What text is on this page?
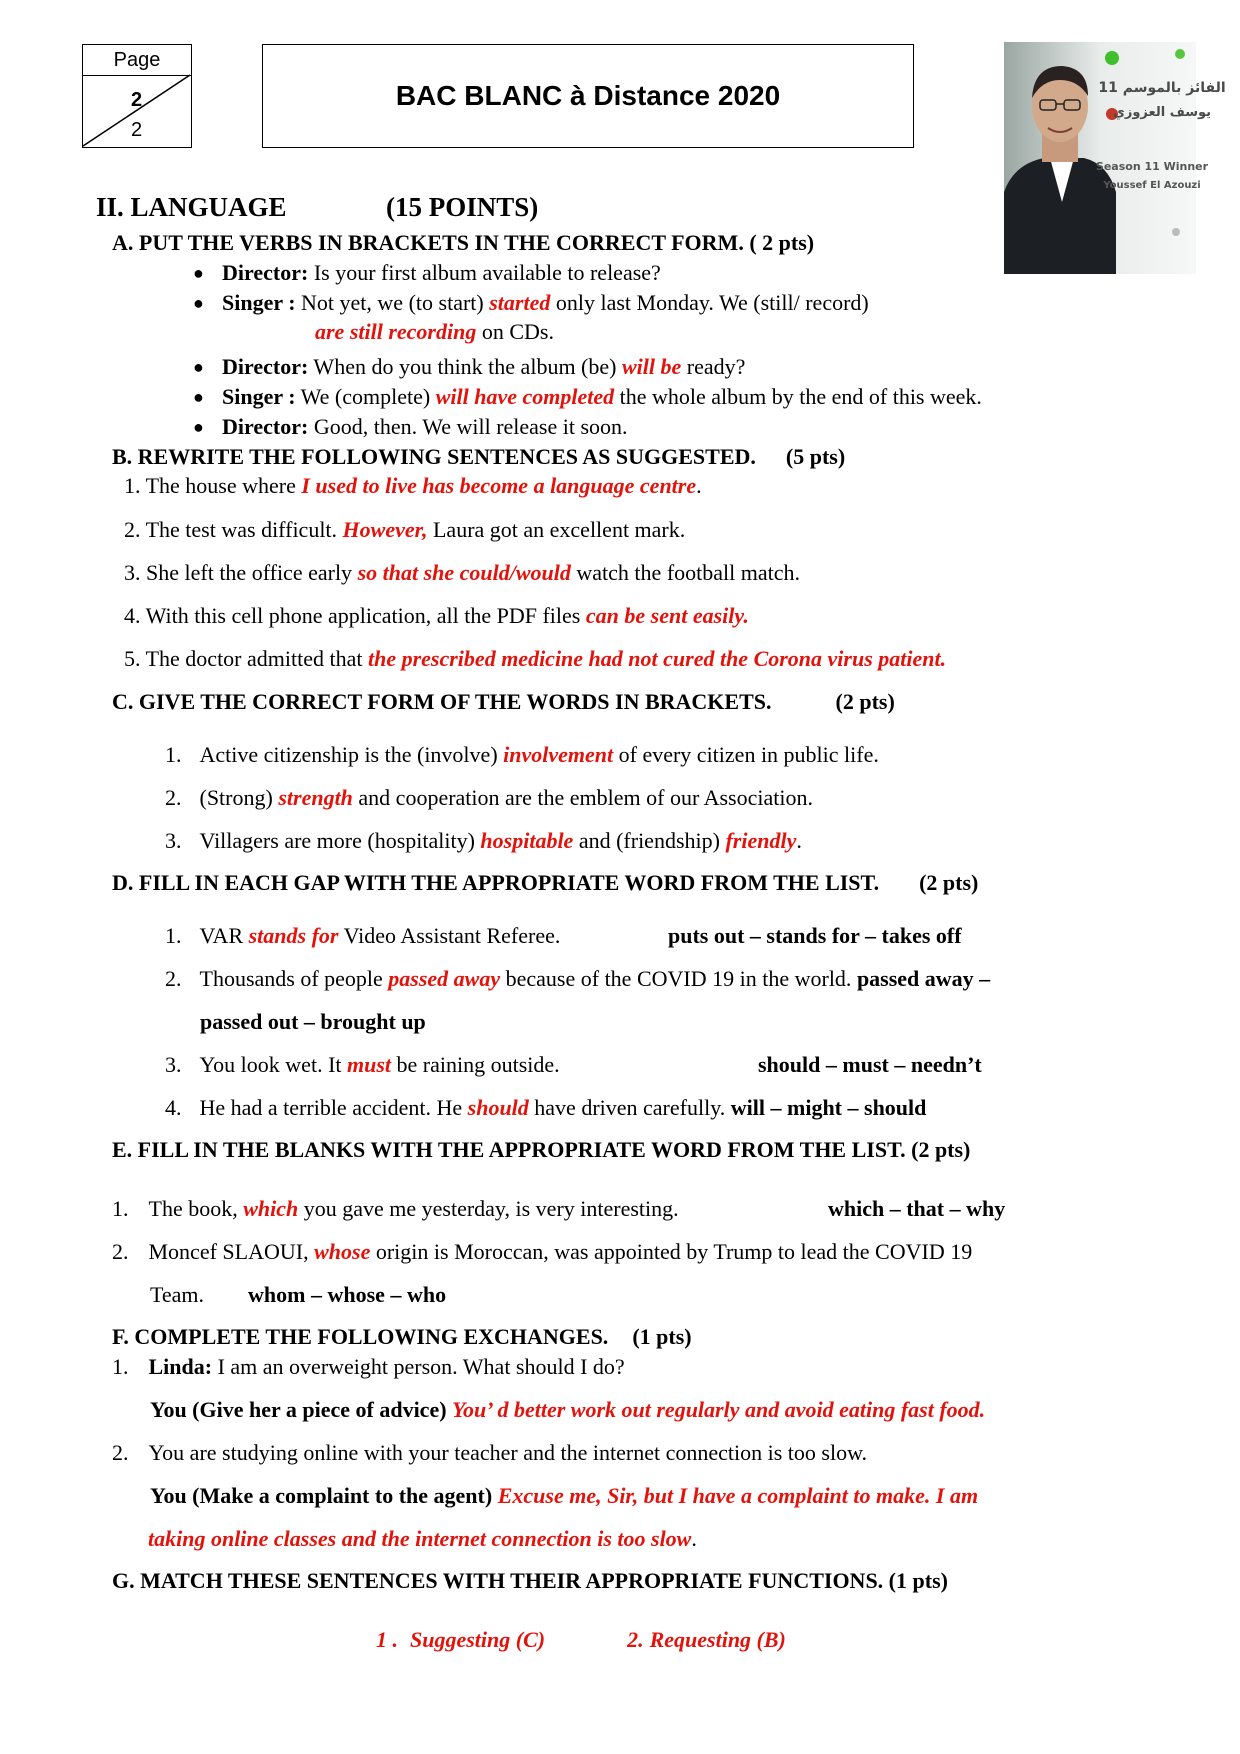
Page
2
2
BAC BLANC à Distance 2020	الفائز بالموسم 11
يوسف العزوزي
Season 11 Winner
Youssef El Azouzi
II. LANGUAGE	(15 POINTS)
A. PUT THE VERBS IN BRACKETS IN THE CORRECT FORM. ( 2 pts)
● Director: Is your first album available to release?
● Singer : Not yet, we (to start) started only last Monday. We (still/ record)
are still recording on CDs.
● Director: When do you think the album (be) will be ready?
● Singer : We (complete) will have completed the whole album by the end of this week.
● Director: Good, then. We will release it soon.
B. REWRITE THE FOLLOWING SENTENCES AS SUGGESTED. (5 pts)
1. The house where I used to live has become a language centre.
2. The test was difficult. However, Laura got an excellent mark.
3. She left the office early so that she could/would watch the football match.
4. With this cell phone application, all the PDF files can be sent easily.
5. The doctor admitted that the prescribed medicine had not cured the Corona virus patient.
C. GIVE THE CORRECT FORM OF THE WORDS IN BRACKETS.	(2 pts)
1. Active citizenship is the (involve) involvement of every citizen in public life.
2. (Strong) strength and cooperation are the emblem of our Association.
3. Villagers are more (hospitality) hospitable and (friendship) friendly.
D. FILL IN EACH GAP WITH THE APPROPRIATE WORD FROM THE LIST. (2 pts)
1. VAR stands for Video Assistant Referee.	puts out – stands for – takes off
2. Thousands of people passed away because of the COVID 19 in the world. passed away –
passed out – brought up
3. You look wet. It must be raining outside.	should – must – needn’t
4. He had a terrible accident. He should have driven carefully. will – might – should
E. FILL IN THE BLANKS WITH THE APPROPRIATE WORD FROM THE LIST. (2 pts)
1. The book, which you gave me yesterday, is very interesting.	which – that – why
2. Moncef SLAOUI, whose origin is Moroccan, was appointed by Trump to lead the COVID 19
Team. whom – whose – who
F. COMPLETE THE FOLLOWING EXCHANGES. (1 pts)
1. Linda: I am an overweight person. What should I do?
You (Give her a piece of advice) You’ d better work out regularly and avoid eating fast food.
2. You are studying online with your teacher and the internet connection is too slow.
You (Make a complaint to the agent) Excuse me, Sir, but I have a complaint to make. I am
taking online classes and the internet connection is too slow.
G. MATCH THESE SENTENCES WITH THEIR APPROPRIATE FUNCTIONS. (1 pts)
1 . Suggesting (C)	2. Requesting (B)
